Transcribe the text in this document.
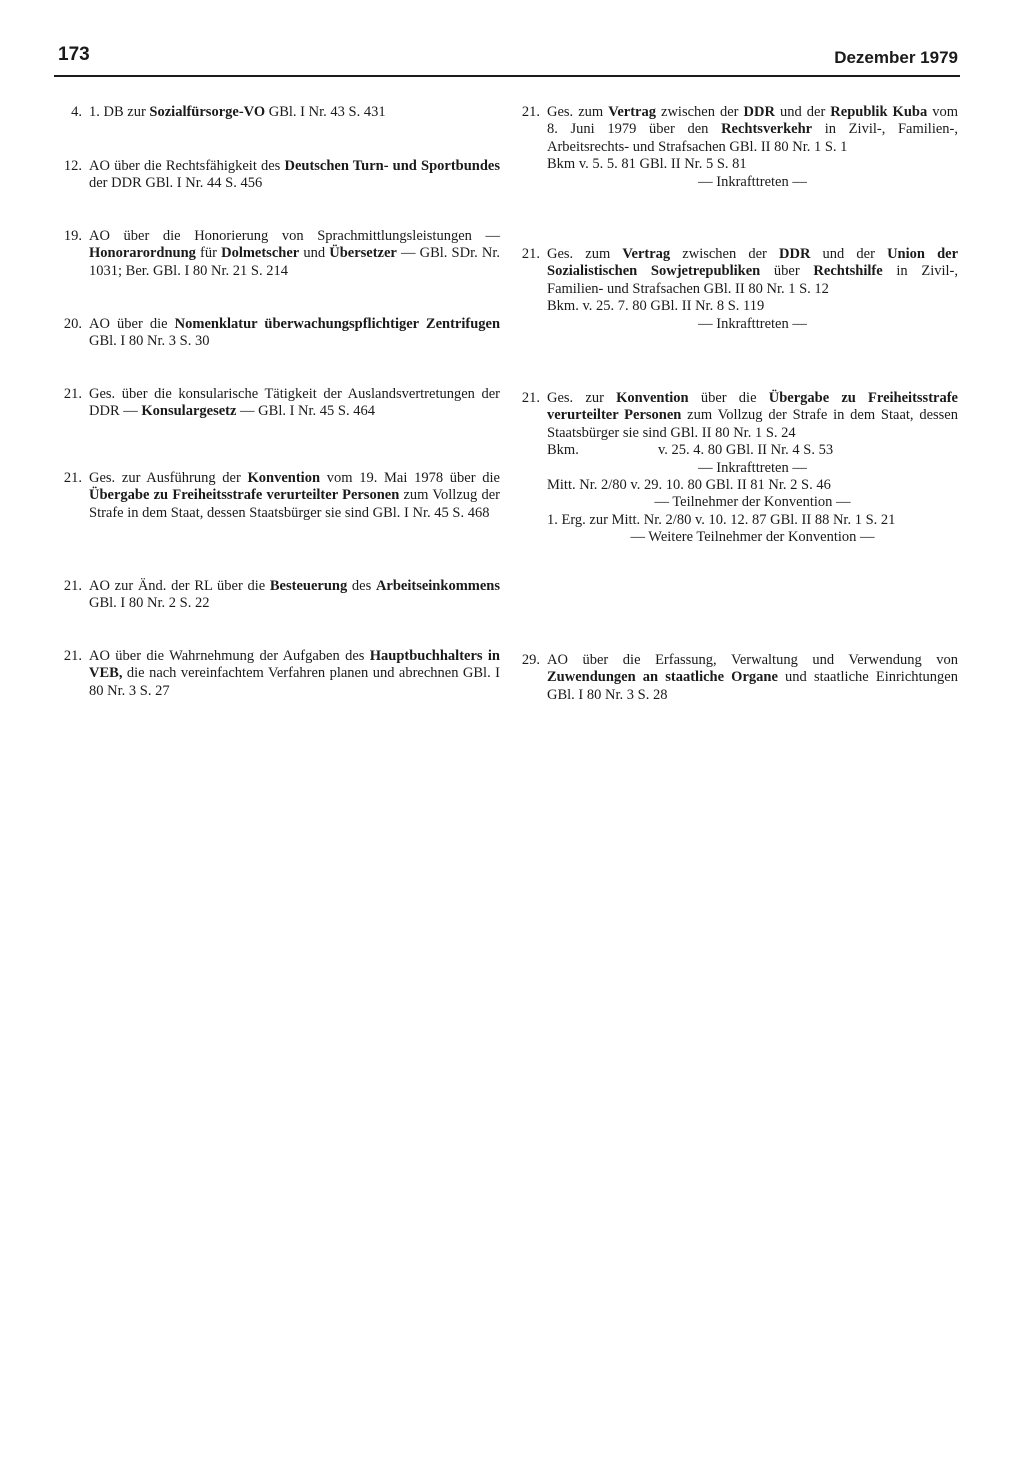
173	Dezember 1979
4. 1. DB zur Sozialfürsorge-VO GBl. I Nr. 43 S. 431
12. AO über die Rechtsfähigkeit des Deutschen Turn- und Sportbundes der DDR GBl. I Nr. 44 S. 456
19. AO über die Honorierung von Sprachmittlungsleistungen — Honorarordnung für Dolmetscher und Übersetzer — GBl. SDr. Nr. 1031; Ber. GBl. I 80 Nr. 21 S. 214
20. AO über die Nomenklatur überwachungspflichtiger Zentrifugen GBl. I 80 Nr. 3 S. 30
21. Ges. über die konsularische Tätigkeit der Auslandsvertretungen der DDR — Konsulargesetz — GBl. I Nr. 45 S. 464
21. Ges. zur Ausführung der Konvention vom 19. Mai 1978 über die Übergabe zu Freiheitsstrafe verurteilter Personen zum Vollzug der Strafe in dem Staat, dessen Staatsbürger sie sind GBl. I Nr. 45 S. 468
21. AO zur Änd. der RL über die Besteuerung des Arbeitseinkommens GBl. I 80 Nr. 2 S. 22
21. AO über die Wahrnehmung der Aufgaben des Hauptbuchhalters in VEB, die nach vereinfachtem Verfahren planen und abrechnen GBl. I 80 Nr. 3 S. 27
21. Ges. zum Vertrag zwischen der DDR und der Republik Kuba vom 8. Juni 1979 über den Rechtsverkehr in Zivil-, Familien-, Arbeitsrechts- und Strafsachen GBl. II 80 Nr. 1 S. 1

Bkm v. 5. 5. 81 GBl. II Nr. 5 S. 81

— Inkrafttreten —

21. Ges. zum Vertrag zwischen der DDR und der Union der Sozialistischen Sowjetrepubliken über Rechtshilfe in Zivil-, Familien- und Strafsachen GBl. II 80 Nr. 1 S. 12

Bkm. v. 25. 7. 80 GBl. II Nr. 8 S. 119

— Inkrafttreten —

21. Ges. zur Konvention über die Übergabe zu Freiheitsstrafe verurteilter Personen zum Vollzug der Strafe in dem Staat, dessen Staatsbürger sie sind GBl. II 80 Nr. 1 S. 24

Bkm.	v. 25. 4. 80 GBl. II Nr. 4 S. 53

— Inkrafttreten —

Mitt. Nr. 2/80 v. 29. 10. 80 GBl. II 81 Nr. 2 S. 46

— Teilnehmer der Konvention —

1. Erg. zur Mitt. Nr. 2/80 v. 10. 12. 87 GBl. II 88 Nr. 1 S. 21

— Weitere Teilnehmer der Konvention —

29. AO über die Erfassung, Verwaltung und Verwendung von Zuwendungen an staatliche Organe und staatliche Einrichtungen GBl. I 80 Nr. 3 S. 28
